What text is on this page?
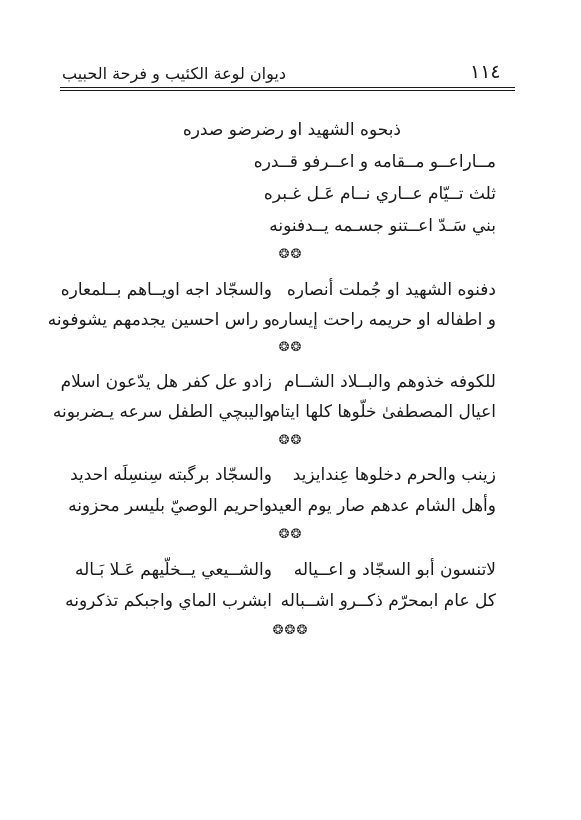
ديوان لوعة الكئيب و فرحة الحبيب	١١٤
ذبحوه الشهيد او رضرضو صدره
مــاراعــو مــقامه و اعــرفو قــدره
ثلث تــيّام عــاري نــام عَـل غـبره
بني سَـدّ اعــتنو جسـمه يــدفنونه
❂❂
دفنوه الشهيد او جُملت أنصاره
والسجّاد اجه اويــاهم بــلمعاره
و اطفاله او حريمه راحت إيساره
و راس احسين يجدمهم يشوفونه
❂❂
للكوفه خذوهم والبــلاد الشــام
زادو عل كفر هل يدّعون اسلام
اعيال المصطفىٰ خلّوها كلها ايتام
واليبچي الطفل سرعه يـضربونه
❂❂
زينب والحرم دخلوها عِندايزيد
والسجّاد برگبته سِنسِلَه احديد
وأهل الشام عدهم صار يوم العيد
واحريم الوصيّ بليسر محزونه
❂❂
لاتنسون أبو السجّاد و اعــياله
والشــيعي يــخلّيهم عَـلا بَـاله
كل عام ابمحرّم ذكــرو اشــباله
ابشرب الماي واجبكم تذكرونه
❂❂❂
